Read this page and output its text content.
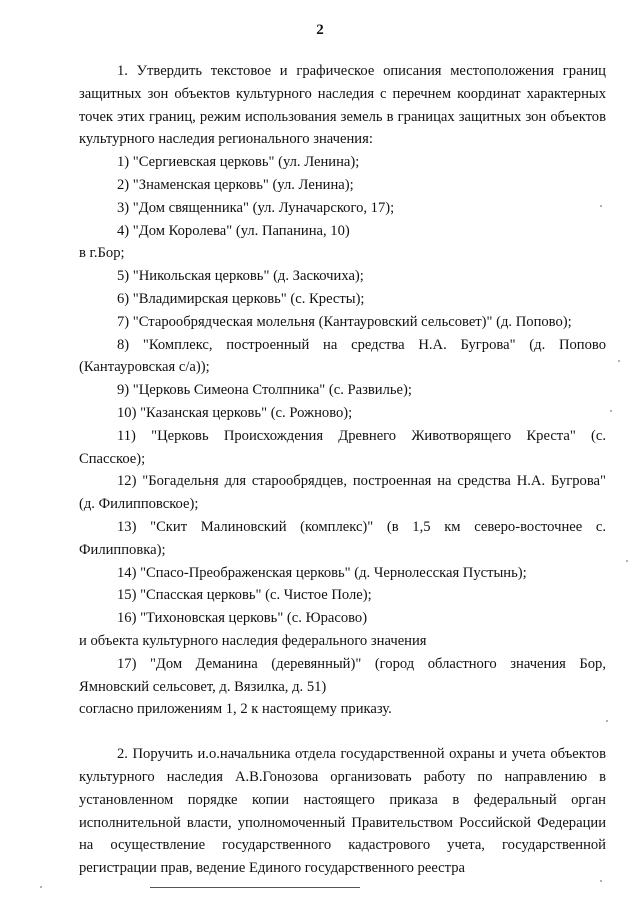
2

1. Утвердить текстовое и графическое описания местоположения границ защитных зон объектов культурного наследия с перечнем координат характерных точек этих границ, режим использования земель в границах защитных зон объектов культурного наследия регионального значения:

1) "Сергиевская церковь" (ул. Ленина);

2) "Знаменская церковь" (ул. Ленина);

3) "Дом священника" (ул. Луначарского, 17);

4) "Дом Королева" (ул. Папанина, 10)

в г.Бор;

5) "Никольская церковь" (д. Заскочиха);

6) "Владимирская церковь" (с. Кресты);

7) "Старообрядческая молельня (Кантауровский сельсовет)" (д. Попово);

8) "Комплекс, построенный на средства Н.А. Бугрова" (д. Попово (Кантауровская с/а));

9) "Церковь Симеона Столпника" (с. Развилье);

10) "Казанская церковь" (с. Рожново);

11) "Церковь Происхождения Древнего Животворящего Креста" (с. Спасское);

12) "Богадельня для старообрядцев, построенная на средства Н.А. Бугрова" (д. Филипповское);

13) "Скит Малиновский (комплекс)" (в 1,5 км северо-восточнее с. Филипповка);

14) "Спасо-Преображенская церковь" (д. Чернолесская Пустынь);

15) "Спасская церковь" (с. Чистое Поле);

16) "Тихоновская церковь" (с. Юрасово)

и объекта культурного наследия федерального значения

17) "Дом Деманина (деревянный)" (город областного значения Бор, Ямновский сельсовет, д. Вязилка, д. 51)

согласно приложениям 1, 2 к настоящему приказу.

2. Поручить и.о.начальника отдела государственной охраны и учета объектов культурного наследия А.В.Гонозова организовать работу по направлению в установленном порядке копии настоящего приказа в федеральный орган исполнительной власти, уполномоченный Правительством Российской Федерации на осуществление государственного кадастрового учета, государственной регистрации прав, ведение Единого государственного реестра
